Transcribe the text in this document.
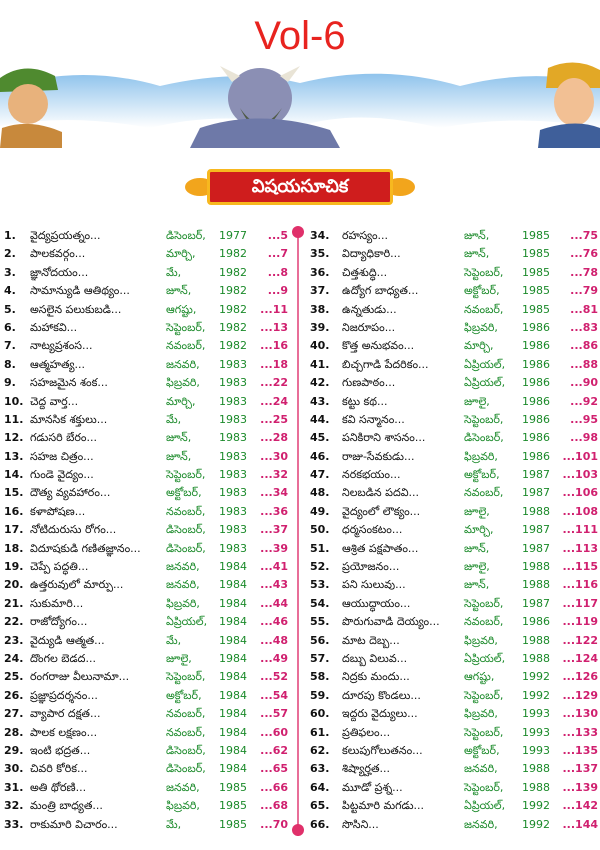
Vol-6
విషయసూచిక
1. వైద్యప్రయత్నం...	డిసెంబర్, 1977 ...5
2. పాలకవర్గం...	మార్చి, 1982 ...7
3. జ్ఞానోదయం...	మే,	1982 ...8
4. సామాన్యుడి ఆతిథ్యం...	జూన్,	1982 ...9
5. అసలైన పలుకుబడి...	ఆగష్టు, 1982 ...11
6. మహాకవి...	సెప్టెంబర్, 1982 ...13
7. నాట్యప్రశంస...	నవంబర్, 1982 ...16
8. ఆత్మహత్య...	జనవరి, 1983 ...18
9. సహజమైన శంక...	ఫిబ్రవరి, 1983 ...22
10. చెద్ద వార్త...	మార్చి, 1983 ...24
11. మానసిక శక్తులు...	మే,	1983 ...25
12. గడుసరి బేరం...	జూన్,	1983 ...28
13. సహజ చిత్రం...	జూన్,	1983 ...30
14. గుండె వైద్యం...	సెప్టెంబర్, 1983 ...32
15. దౌత్య వ్యవహారం...	అక్టోబర్, 1983 ...34
16. కళాపోషణ...	నవంబర్, 1983 ...36
17. నోటిదురుసు రోగం...	డిసెంబర్, 1983 ...37
18. విదూషకుడి గణితజ్ఞానం...	డిసెంబర్, 1983 ...39
19. చెప్పే పద్ధతి...	జనవరి, 1984 ...41
20. ఉత్తరువులో మార్పు...	జనవరి, 1984 ...43
21. సుకుమారి...	ఫిబ్రవరి, 1984 ...44
22. రాజోద్యోగం...	ఏప్రియల్, 1984 ...46
23. వైద్యుడి ఆత్మత...	మే,	1984 ...48
24. దొంగల బెడద...	జూలై, 1984 ...49
25. రంగరాజు వీలునామా...	సెప్టెంబర్, 1984 ...52
26. ప్రజ్ఞాప్రదర్శనం...	అక్టోబర్, 1984 ...54
27. వ్యాపార దక్షత...	నవంబర్, 1984 ...57
28. పాలక లక్షణం...	నవంబర్, 1984 ...60
29. ఇంటి భద్రత...	డిసెంబర్, 1984 ...62
30. చివరి కోరిక...	డిసెంబర్, 1984 ...65
31. అతి థోరణి...	జనవరి, 1985 ...66
32. మంత్రి బాధ్యత...	ఫిబ్రవరి, 1985 ...68
33. రాకుమారి విచారం...	మే,	1985 ...70
34. రహస్యం...	జూన్,	1985 ...75
35. విద్యాధికారి...	జూన్,	1985 ...76
36. చిత్తశుద్ధి...	సెప్టెంబర్, 1985 ...78
37. ఉద్యోగ బాధ్యత...	అక్టోబర్, 1985 ...79
38. ఉన్నతుడు...	నవంబర్, 1985 ...81
39. నిజరూపం...	ఫిబ్రవరి, 1986 ...83
40. కొత్త అనుభవం...	మార్చి,	1986 ...86
41. బిచ్చగాడి పేదరికం...	ఏప్రియల్, 1986 ...88
42. గుణపాఠం...	ఏప్రియల్, 1986 ...90
43. కట్టు కథ...	జూలై,	1986 ...92
44. కవి సన్మానం...	సెప్టెంబర్, 1986 ...95
45. పనికిరాని శాసనం...	డిసెంబర్, 1986 ...98
46. రాజు-సేవకుడు...	ఫిబ్రవరి, 1986 ...101
47. నరకభయం...	అక్టోబర్, 1987 ...103
48. నిలబడిన పదవి...	నవంబర్, 1987 ...106
49. వైద్యంలో లౌక్యం...	జూలై,	1988 ...108
50. ధర్మసంకటం...	మార్చి,	1987 ...111
51. ఆశ్రిత పక్షపాతం...	జూన్,	1987 ...113
52. ప్రయోజనం...	జూలై,	1988 ...115
53. పని సులువు...	జూన్,	1988 ...116
54. ఆయుద్ధాయం...	సెప్టెంబర్, 1987 ...117
55. పొరుగువాడి దెయ్యం...	నవంబర్, 1986 ...119
56. మాట దెబ్బ...	ఫిబ్రవరి, 1988 ...122
57. దబ్బు విలువ...	ఏప్రియల్, 1988 ...124
58. నిద్రకు మందు...	ఆగష్టు,	1992 ...126
59. దూరపు కొండలు...	సెప్టెంబర్, 1992 ...129
60. ఇద్దరు వైద్యులు...	ఫిబ్రవరి, 1993 ...130
61. ప్రతిఫలం...	సెప్టెంబర్, 1993 ...133
62. కలుపుగోలుతనం...	అక్టోబర్, 1993 ...135
63. శిష్యార్హత...	జనవరి, 1988 ...137
64. మూడో ప్రశ్న...	సెప్టెంబర్, 1988 ...139
65. పిట్టమారి మగడు...	ఏప్రియల్, 1992 ...142
66. సొసిని...	జనవరి, 1992 ...144
